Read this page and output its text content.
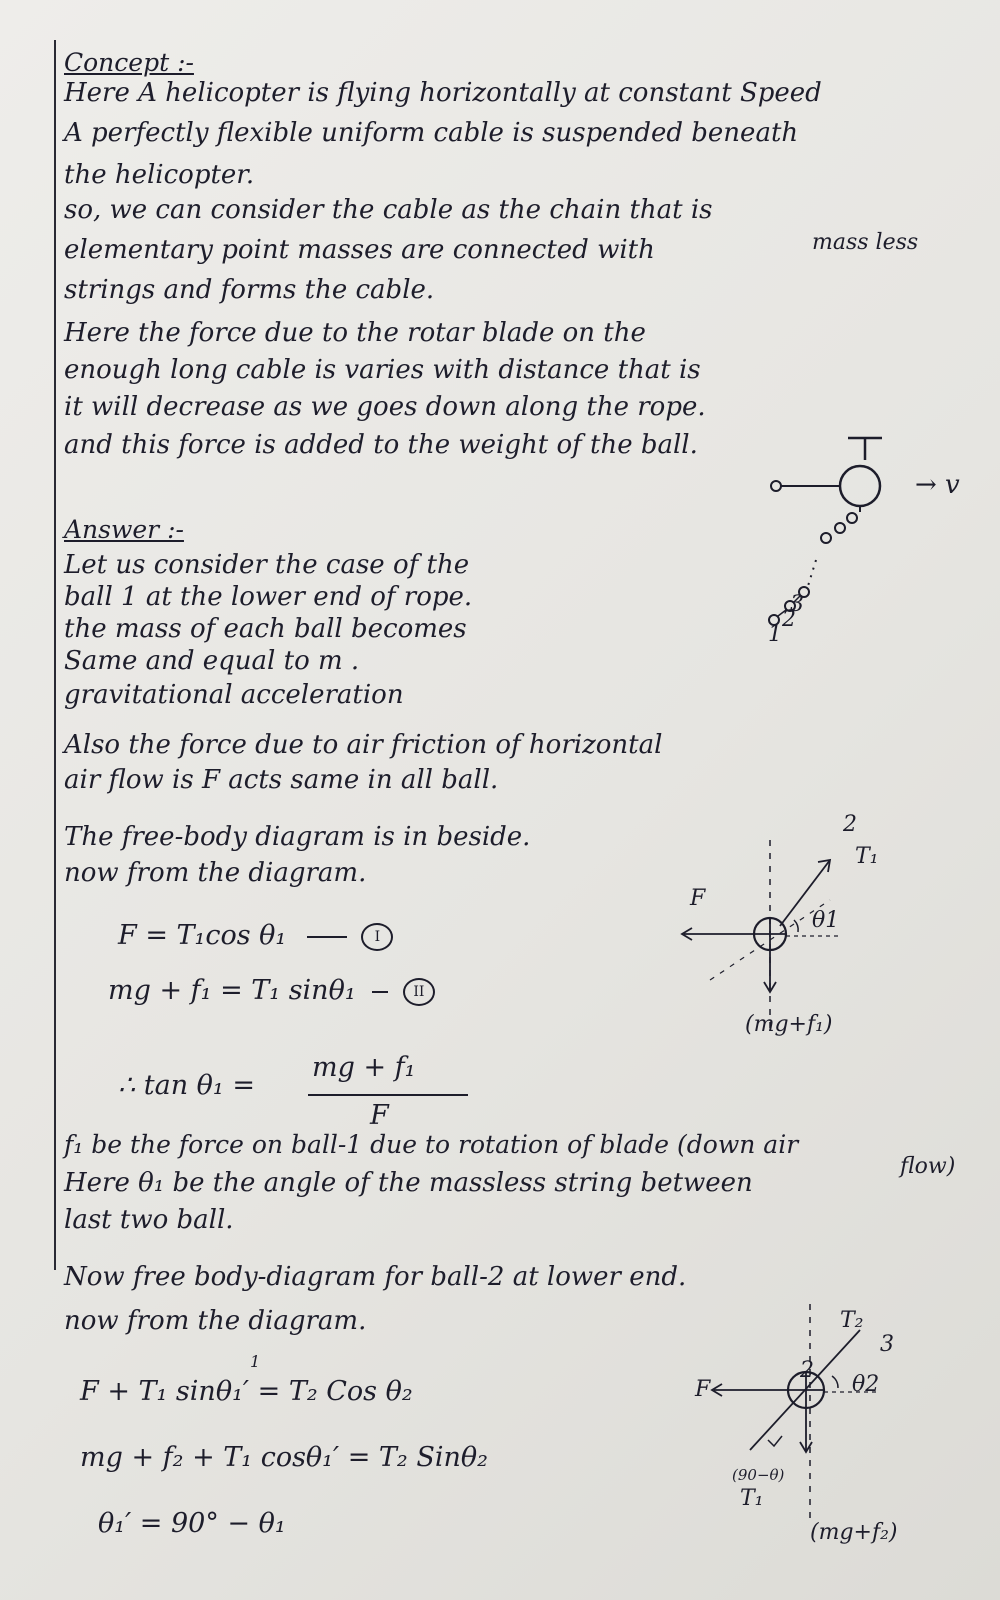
Concept :-
Here A helicopter is flying horizontally at constant Speed
A perfectly flexible uniform cable is suspended beneath
the helicopter.
so, we can consider the cable as the chain that is
elementary point masses are connected with	mass less
strings and forms the cable.
Here the force due to the rotar blade on the
enough long cable is varies with distance that is
it will decrease as we goes down along the rope.
and this force is added to the weight of the ball.
→ v
3
2
1
Answer :-
Let us consider the case of the
ball 1 at the lower end of rope.
the mass of each ball becomes
Same and equal to m .
gravitational acceleration
Also the force due to air friction of horizontal
air flow is F acts same in all ball.
The free-body diagram is in beside.
now from the diagram.
F
T₁
2
θ1
(mg+f₁)
F = T₁cos θ₁	I
mg + f₁ = T₁ sinθ₁	II
∴ tan θ₁ =
mg + f₁
F
f₁ be the force on ball-1 due to rotation of blade (down air
flow)
Here θ₁ be the angle of the massless string between
last two ball.
Now free body-diagram for ball-2 at lower end.
now from the diagram.
F
T₂
3
θ2
2
(90−θ)
T₁
(mg+f₂)
1
F + T₁ sinθ₁′ = T₂ Cos θ₂
mg + f₂ + T₁ cosθ₁′ = T₂ Sinθ₂
θ₁′ = 90° − θ₁
